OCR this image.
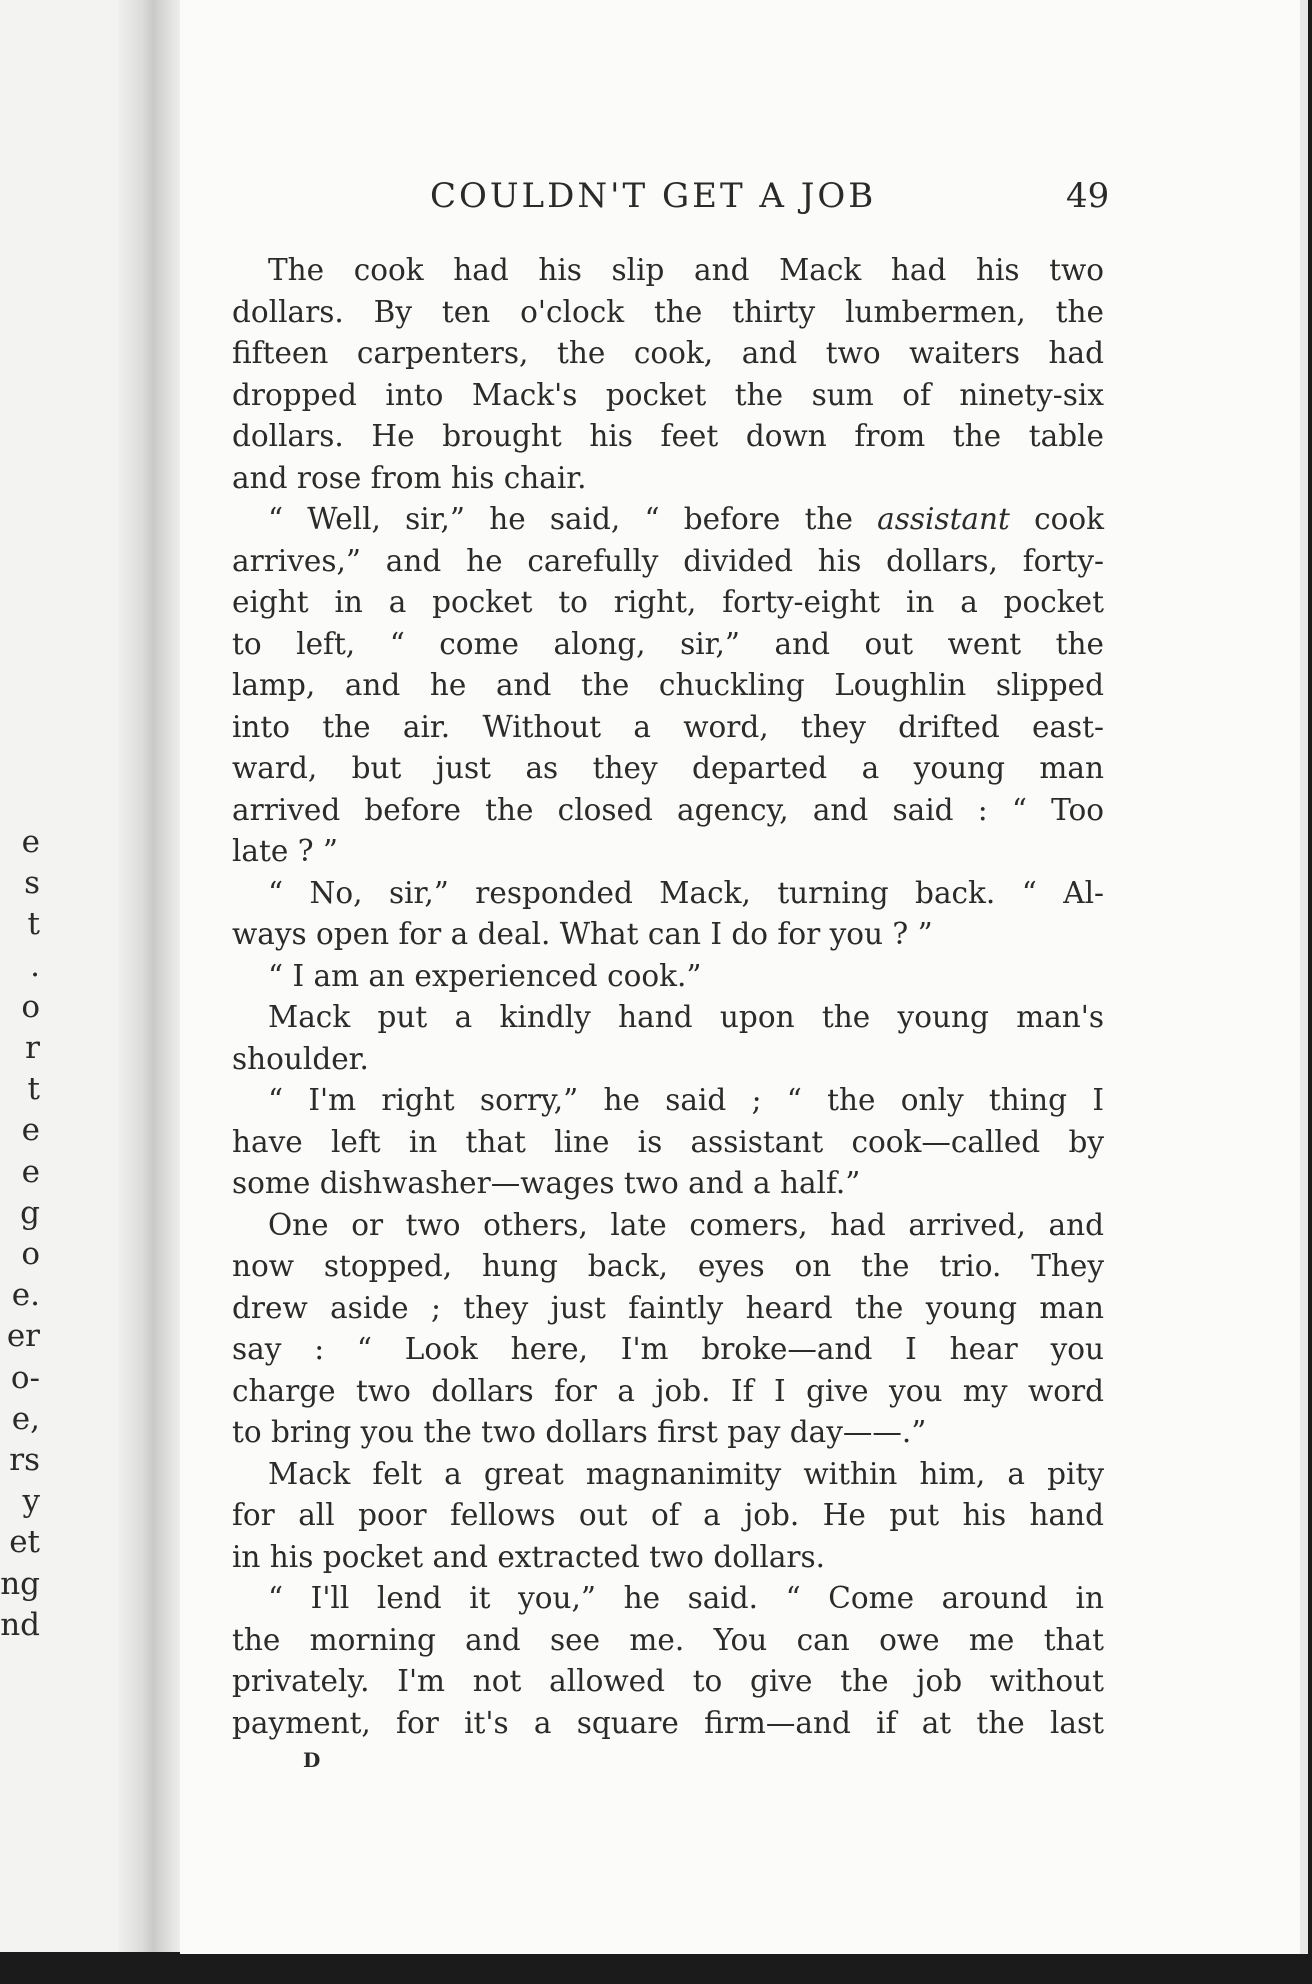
e
s
t
.
o
r
t
e
e
g
o
e.
er
o-
e,
rs
y
et
ng
nd
COULDN'T GET A JOB	49
The cook had his slip and Mack had his two
dollars. By ten o'clock the thirty lumbermen, the
fifteen carpenters, the cook, and two waiters had
dropped into Mack's pocket the sum of ninety-six
dollars. He brought his feet down from the table
and rose from his chair.
“ Well, sir,” he said, “ before the assistant cook
arrives,” and he carefully divided his dollars, forty-
eight in a pocket to right, forty-eight in a pocket
to left, “ come along, sir,” and out went the
lamp, and he and the chuckling Loughlin slipped
into the air. Without a word, they drifted east-
ward, but just as they departed a young man
arrived before the closed agency, and said : “ Too
late ? ”
“ No, sir,” responded Mack, turning back. “ Al-
ways open for a deal. What can I do for you ? ”
“ I am an experienced cook.”
Mack put a kindly hand upon the young man's
shoulder.
“ I'm right sorry,” he said ; “ the only thing I
have left in that line is assistant cook—called by
some dishwasher—wages two and a half.”
One or two others, late comers, had arrived, and
now stopped, hung back, eyes on the trio. They
drew aside ; they just faintly heard the young man
say : “ Look here, I'm broke—and I hear you
charge two dollars for a job. If I give you my word
to bring you the two dollars first pay day——.”
Mack felt a great magnanimity within him, a pity
for all poor fellows out of a job. He put his hand
in his pocket and extracted two dollars.
“ I'll lend it you,” he said. “ Come around in
the morning and see me. You can owe me that
privately. I'm not allowed to give the job without
payment, for it's a square firm—and if at the last
D
